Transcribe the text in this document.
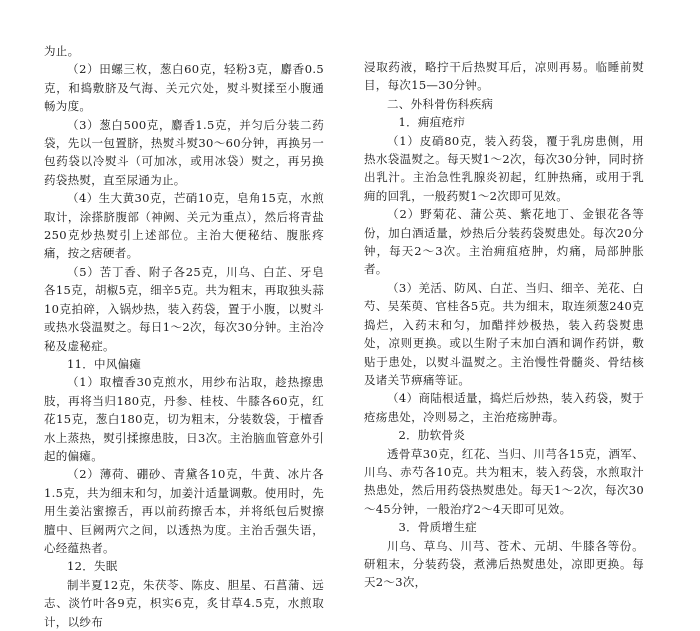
为止。

（2）田螺三枚，葱白60克，轻粉3克，麝香0.5克，和捣敷脐及气海、关元穴处，熨斗熨揉至小腹通畅为度。

（3）葱白500克，麝香1.5克，并匀后分装二药袋，先以一包置脐，热熨斗熨30～60分钟，再换另一包药袋以冷熨斗（可加冰，或用冰袋）熨之，再另换药袋热熨，直至尿通为止。

（4）生大黄30克，芒硝10克，皂角15克，水煎取计，涂搽脐腹部（神阙、关元为重点），然后将青盐250克炒热熨引上述部位。主治大便秘结、腹胀疼痛，按之痞硬者。

（5）苦丁香、附子各25克，川乌、白芷、牙皂各15克，胡椒5克，细辛5克。共为粗末，再取独头蒜10克拍碎，入锅炒热，装入药袋，置于小腹，以熨斗或热水袋温熨之。每日1～2次，每次30分钟。主治冷秘及虚秘症。

11．中风偏瘫

（1）取檀香30克煎水，用纱布沾取，趁热擦患肢，再将当归180克，丹参、桂枝、牛膝各60克，红花15克，葱白180克，切为粗末，分装数袋，于檀香水上蒸热，熨引揉擦患肢，日3次。主治脑血管意外引起的偏瘫。

（2）薄荷、硼砂、青黛各10克，牛黄、冰片各1.5克，共为细末和匀，加姜汁适量调敷。使用时，先用生姜沾蜜擦舌，再以前药擦舌本，并将纸包后熨擦膻中、巨阙两穴之间，以透热为度。主治舌强失语，心经蕴热者。

12．失眠

制半夏12克，朱茯苓、陈皮、胆星、石菖蒲、远志、淡竹叶各9克，枳实6克，炙甘草4.5克，水煎取计，以纱布

浸取药液，略拧干后热熨耳后，凉则再易。临睡前熨目，每次15—30分钟。

二、外科骨伤科疾病
1．痈疽疮疖

（1）皮硝80克，装入药袋，覆于乳房患侧，用热水袋温熨之。每天熨1～2次，每次30分钟，同时挤出乳汁。主治急性乳腺炎初起，红肿热痛，或用于乳痈的回乳，一般药熨1～2次即可见效。

（2）野菊花、蒲公英、紫花地丁、金银花各等份，加白酒适量，炒热后分装药袋熨患处。每次20分钟，每天2～3次。主治痈疽疮肿，灼痛，局部肿胀者。

（3）羌活、防风、白芷、当归、细辛、羌花、白芍、吴茱萸、官桂各5克。共为细末，取连须葱240克捣烂，入药末和匀，加醋拌炒极热，装入药袋熨患处，凉则更换。或以生附子末加白酒和调作药饼，敷贴于患处，以熨斗温熨之。主治慢性骨髓炎、骨结核及诸关节痹痛等证。

（4）商陆根适量，捣烂后炒热，装入药袋，熨于疮疡患处，冷则易之，主治疮疡肿毒。

2．肋软骨炎

透骨草30克，红花、当归、川芎各15克，酒军、川乌、赤芍各10克。共为粗末，装入药袋，水煎取汁热患处，然后用药袋热熨患处。每天1～2次，每次30～45分钟，一般治疗2～4天即可见效。

3．骨质增生症

川乌、草乌、川芎、苍术、元胡、牛膝各等份。研粗末，分装药袋，煮沸后热熨患处，凉即更换。每天2～3次，
